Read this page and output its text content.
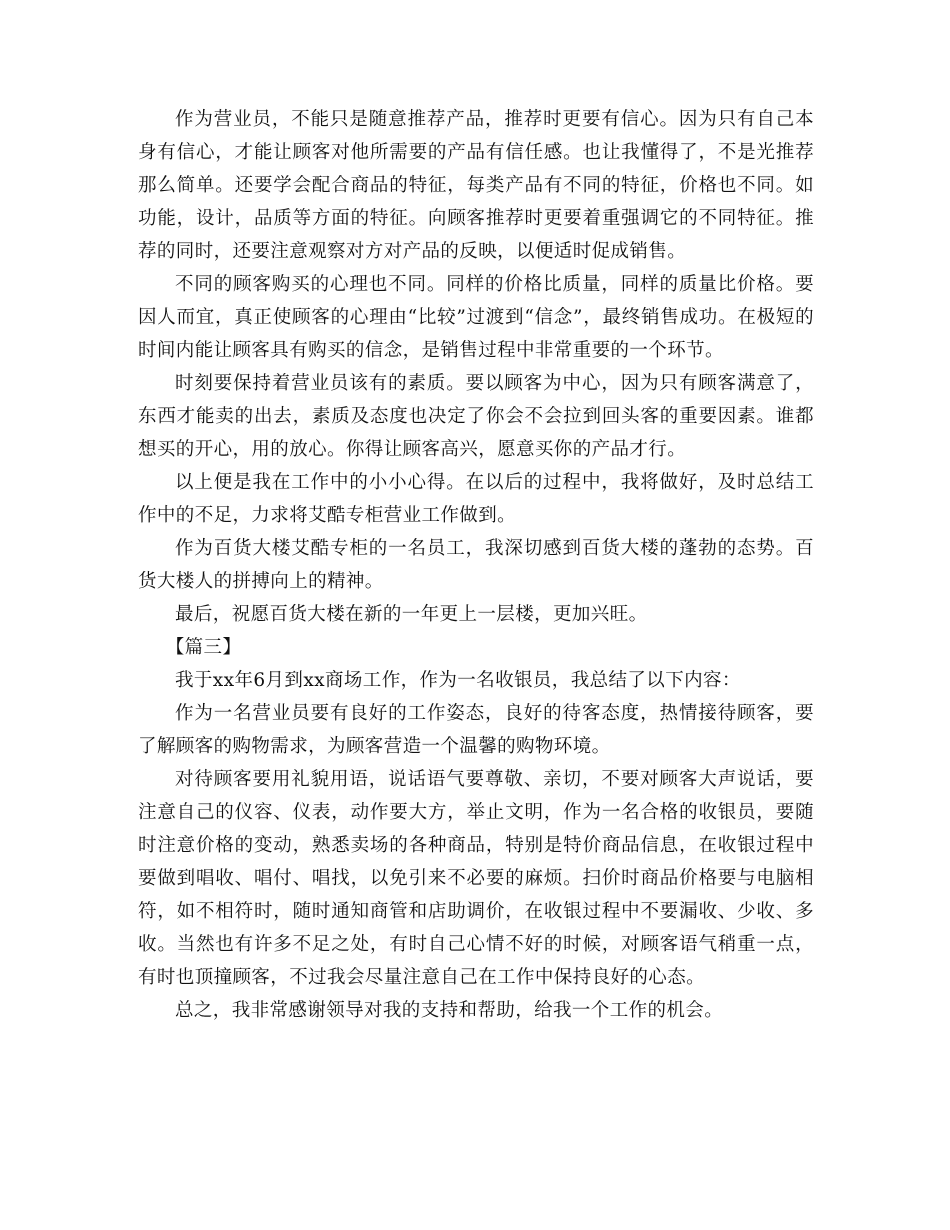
作为营业员，不能只是随意推荐产品，推荐时更要有信心。因为只有自己本身有信心，才能让顾客对他所需要的产品有信任感。也让我懂得了，不是光推荐那么简单。还要学会配合商品的特征，每类产品有不同的特征，价格也不同。如功能，设计，品质等方面的特征。向顾客推荐时更要着重强调它的不同特征。推荐的同时，还要注意观察对方对产品的反映，以便适时促成销售。

不同的顾客购买的心理也不同。同样的价格比质量，同样的质量比价格。要因人而宜，真正使顾客的心理由“比较”过渡到“信念”，最终销售成功。在极短的时间内能让顾客具有购买的信念，是销售过程中非常重要的一个环节。

时刻要保持着营业员该有的素质。要以顾客为中心，因为只有顾客满意了，东西才能卖的出去，素质及态度也决定了你会不会拉到回头客的重要因素。谁都想买的开心，用的放心。你得让顾客高兴，愿意买你的产品才行。

以上便是我在工作中的小小心得。在以后的过程中，我将做好，及时总结工作中的不足，力求将艾酷专柜营业工作做到。

作为百货大楼艾酷专柜的一名员工，我深切感到百货大楼的蓬勃的态势。百货大楼人的拼搏向上的精神。

最后，祝愿百货大楼在新的一年更上一层楼，更加兴旺。

【篇三】

我于xx年6月到xx商场工作，作为一名收银员，我总结了以下内容：

作为一名营业员要有良好的工作姿态，良好的待客态度，热情接待顾客，要了解顾客的购物需求，为顾客营造一个温馨的购物环境。

对待顾客要用礼貌用语，说话语气要尊敬、亲切，不要对顾客大声说话，要注意自己的仪容、仪表，动作要大方，举止文明，作为一名合格的收银员，要随时注意价格的变动，熟悉卖场的各种商品，特别是特价商品信息，在收银过程中要做到唱收、唱付、唱找，以免引来不必要的麻烦。扫价时商品价格要与电脑相符，如不相符时，随时通知商管和店助调价，在收银过程中不要漏收、少收、多收。当然也有许多不足之处，有时自己心情不好的时候，对顾客语气稍重一点，有时也顶撞顾客，不过我会尽量注意自己在工作中保持良好的心态。

总之，我非常感谢领导对我的支持和帮助，给我一个工作的机会。
